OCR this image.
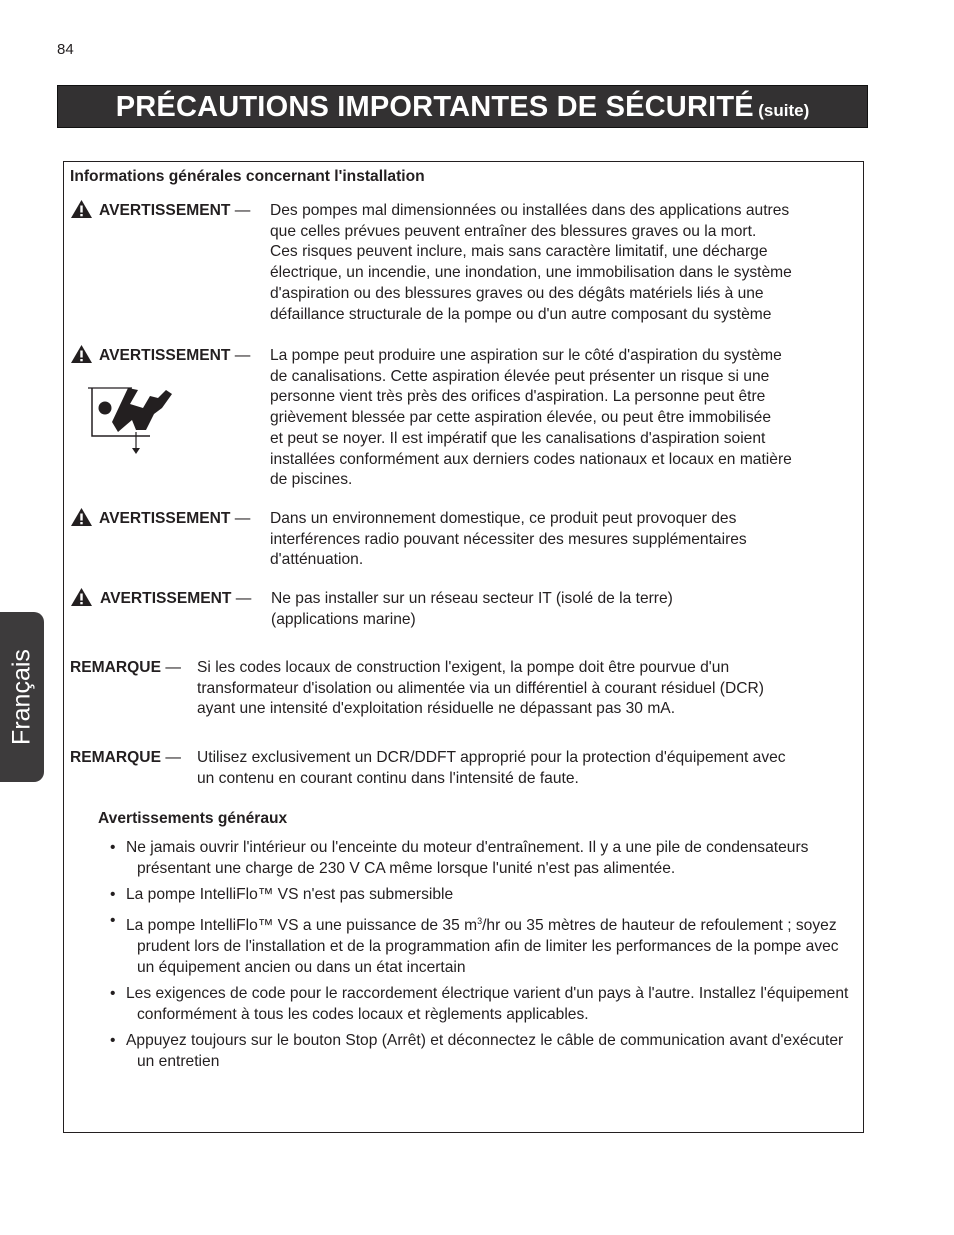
84
PRÉCAUTIONS IMPORTANTES DE SÉCURITÉ (suite)
Français
Informations générales concernant l'installation
AVERTISSEMENT — Des pompes mal dimensionnées ou installées dans des applications autres
que celles prévues peuvent entraîner des blessures graves ou la mort.
Ces risques peuvent inclure, mais sans caractère limitatif, une décharge
électrique, un incendie, une inondation, une immobilisation dans le système
d'aspiration ou des blessures graves ou des dégâts matériels liés à une
défaillance structurale de la pompe ou d'un autre composant du système
AVERTISSEMENT — La pompe peut produire une aspiration sur le côté d'aspiration du système
de canalisations. Cette aspiration élevée peut présenter un risque si une
personne vient très près des orifices d'aspiration. La personne peut être
grièvement blessée par cette aspiration élevée, ou peut être immobilisée
et peut se noyer. Il est impératif que les canalisations d'aspiration soient
installées conformément aux derniers codes nationaux et locaux en matière
de piscines.
AVERTISSEMENT — Dans un environnement domestique, ce produit peut provoquer des
interférences radio pouvant nécessiter des mesures supplémentaires
d'atténuation.
AVERTISSEMENT — Ne pas installer sur un réseau secteur IT (isolé de la terre)
(applications marine)
REMARQUE — Si les codes locaux de construction l'exigent, la pompe doit être pourvue d'un
transformateur d'isolation ou alimentée via un différentiel à courant résiduel (DCR)
ayant une intensité d'exploitation résiduelle ne dépassant pas 30 mA.
REMARQUE — Utilisez exclusivement un DCR/DDFT approprié pour la protection d'équipement avec
un contenu en courant continu dans l'intensité de faute.
Avertissements généraux
• Ne jamais ouvrir l'intérieur ou l'enceinte du moteur d'entraînement. Il y a une pile de condensateurs présentant une charge de 230 V CA même lorsque l'unité n'est pas alimentée.
• La pompe IntelliFlo™ VS n'est pas submersible
• La pompe IntelliFlo™ VS a une puissance de 35 $m^3/hr$ ou 35 mètres de hauteur de refoulement ; soyez prudent lors de l'installation et de la programmation afin de limiter les performances de la pompe avec un équipement ancien ou dans un état incertain
• Les exigences de code pour le raccordement électrique varient d'un pays à l'autre. Installez l'équipement conformément à tous les codes locaux et règlements applicables.
• Appuyez toujours sur le bouton Stop (Arrêt) et déconnectez le câble de communication avant d'exécuter un entretien
